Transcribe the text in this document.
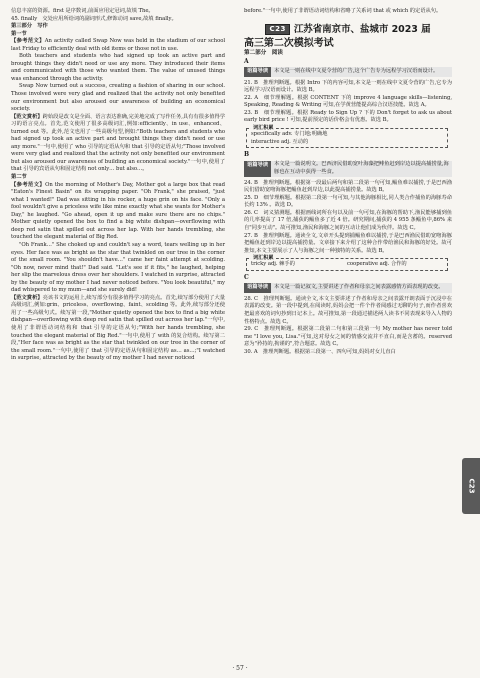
信息丰富的资源。first 是序数词,前面应用定冠词,故填 The。

45. finally　交处应用所给词的副词形式,修饰动词 save,故填 finally。

第三部分　写作

第一节

【参考范文】An activity called Swap Now was held in the stadium of our school last Friday to efficiently deal with old items or those not in use.

Both teachers and students who had signed up took an active part and brought things they didn't need or use any more. They introduced their items and communicated with those who wanted them. The value of unused things was enhanced through the activity.

Swap Now turned out a success, creating a fashion of sharing in our school. Those involved were very glad and realized that the activity not only benefited our environment but also aroused our awareness of building an economical society.

【范文赏析】跨始段是改文是全面、语言表达准确,完美地完成了写作任务,具有有很多值得学习的语言亮点。首先,范文使用了很多高级词汇,例如:efficiently、in use、enhanced、turned out 等。此外,范文也用了一些高级句型,例如:"Both teachers and students who had signed up took an active part and brought things they didn't need or use any more."一句中,使用了 who 引导的定语从句和 that 引导的定语从句;"Those involved were very glad and realized that the activity not only benefited our environment but also aroused our awareness of building an economical society."一句中,使用了 that 引导的宾语从句和固定结构 not only… but also…。

第二节

【参考范文】On the morning of Mother's Day, Mother got a large box that read "Eaton's Finest Basin" on its wrapping paper. "Oh Frank," she praised, "just what I wanted!" Dad was sitting in his rocker, a huge grin on his face. "Only a fool wouldn't give a priceless wife like mine exactly what she wants for Mother's Day," he laughed. "Go ahead, open it up and make sure there are no chips." Mother quietly opened the box to find a big white dishpan—overflowing with deep red satin that spilled out across her lap. With her hands trembling, she touched the elegant material of Big Red.

"Oh Frank…" She choked up and couldn't say a word, tears welling up in her eyes. Her face was as bright as the star that twinkled on our tree in the corner of the small room. "You shouldn't have…" came her faint attempt at scolding. "Oh now, never mind that!" Dad said. "Let's see if it fits," he laughed, helping her slip the marvelous dress over her shoulders. I watched in surprise, attracted by the beauty of my mother I had never noticed before. "You look beautiful," my dad whispered to my mum—and she surely did!

【范文赏析】亮该书文的运用上,续写部分有很多值得学习的亮点。首先,续写部分使用了大量高级词汇,例如:grin、priceless、overflowing、faint、scolding 等。此外,续写部分还使用了一些高级句式。续写第一段,"Mother quietly opened the box to find a big white dishpan—overflowing with deep red satin that spilled out across her lap."一句中,使用了非谓语动词结构和 that 引导的定语从句;"With her hands trembling, she touched the elegant material of Big Red."一句中,使用了 with 的复合结构。续写第二段,"Her face was as bright as the star that twinkled on our tree in the corner of the small room."一句中,使用了 that 引导的定语从句和固定结构 as… as…;"I watched in surprise, attracted by the beauty of my mother I had never noticed

before."一句中,使用了非谓语动词结构和省略了关系词 that 或 which 的定语从句。

C23 江苏省南京市、盐城市 2023 届

高三第二次模拟考试

第二部分　阅读

A

语篇导读	本文是一则在线中文夏令营的广告,这个广告专为远程学习汉语而设计。

21. B　推理判断题。根据 Intro 下的内容可知,本文是一则在线中文夏令营的广告,它专为远程学习汉语而设计。故选 B。

22. A　细节理解题。根据 CONTENT 下的 improve 4 language skills—listening, Speaking, Reading & Writing 可知,在学黄营能提高综合汉语技能。故选 A。

23. B　细节理解题。根据 Ready to Sign Up ? 下的 Don't forget to ask us about early bird price ! 可知,提前预定的话价格会有优惠。故选 B。

词汇积累

specifically adv. 专门地;明确地

interactive adj. 互动的

B

语篇导读	本文是一篇说明文。巴西济民借助宽叶海藻把鲱鱼赶到岸边以提高捕捞量,海豚也在互动中获得一些食。

24. B　推理判断题。根据第一段最后两句和第二段第一句可知,鲻鱼难以捕捞,于是巴西渔民们借助宽吻海豚把鲻鱼赶到岸边,以此提高捕捞量。故选 B。

25. D　细节理解题。根据第二段第一句可知,与其他海豚相比,同人类合作捕鱼的海豚寿命长约 13% 。故选 D。

26. C　词义猜测题。根据画线词所在句以及前一句可知,在海豚的帮助下,渔民能够捕到鱼的几率提高了 17 倍,捕获的鲻鱼多了近 4 倍。研究期间,捕获的 4 955 条鲻鱼中,86% 来自"同步互动"。故可推知,渔民和海豚之间的互动让他们成为伙伴。故选 C。

27. B　推理判断题。通读全文,文章开头提到捕鲻鱼难以捕捞,于是巴西渔民借助宽吻海豚把鲻鱼赶到岸边以提高捕捞量。文章接下来介绍了这种合作带给渔民和海豚的好处。故可推知,本文主要展示了人与海豚之间一种独特的关系。故选 B。

词汇积累
tricky adj. 棘手的	cooperative adj. 合作的

C

语篇导读	本文是一篇记叙文,主要讲述了作者和母亲之间表露感情方面表现的改变。

28. C　推理判断题。通读全文,本文主要讲述了作者和母亲之间表露开朗表面于沉浸中在表露的改变。第一段中提到,在阅读时,妈妈会把一件个作者阅感过无聊的句子,而作者喜欢把最喜欢的词句抄到日记本上。故可推知,第一段通过描述两人读书不同表现来导入人物的性格特点。故选 C。

29. C　推理判断题。根据第二段第二句和第三段第一句 My mother has never told me "I love you, Lisa."可知,这对母女之间的情感交流并不直白,而是含蓄的。reserved 意为"矜持的,拘谨的",符合题意。故选 C。

30. A　推理判断题。根据第三段第一、四句可知,妈妈对女儿直白

C23
· 57 ·
